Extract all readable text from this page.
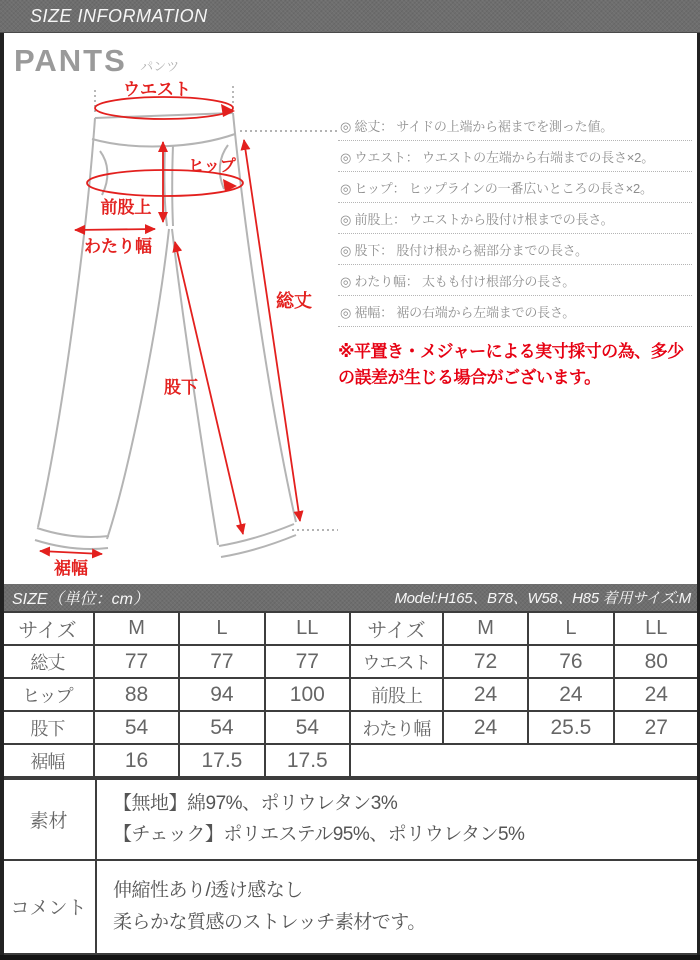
SIZE INFORMATION
PANTS パンツ
ウエスト
ヒップ
前股上
わたり幅
総丈
股下
裾幅
◎ 総丈： サイドの上端から裾までを測った値。
◎ ウエスト： ウエストの左端から右端までの長さ×2。
◎ ヒップ： ヒップラインの一番広いところの長さ×2。
◎ 前股上： ウエストから股付け根までの長さ。
◎ 股下： 股付け根から裾部分までの長さ。
◎ わたり幅： 太もも付け根部分の長さ。
◎ 裾幅： 裾の右端から左端までの長さ。

※平置き・メジャーによる実寸採寸の為、多少の誤差が生じる場合がございます。

SIZE（単位：cm）	Model:H165、B78、W58、H85 着用サイズ:M
サイズ	M	L	LL	サイズ	M	L	LL
総丈	77	77	77	ウエスト	72	76	80
ヒップ	88	94	100	前股上	24	24	24
股下	54	54	54	わたり幅	24	25.5	27
裾幅	16	17.5	17.5				
素材	【無地】綿97%、ポリウレタン3%
【チェック】ポリエステル95%、ポリウレタン5%

コメント	伸縮性あり/透け感なし
柔らかな質感のストレッチ素材です。
